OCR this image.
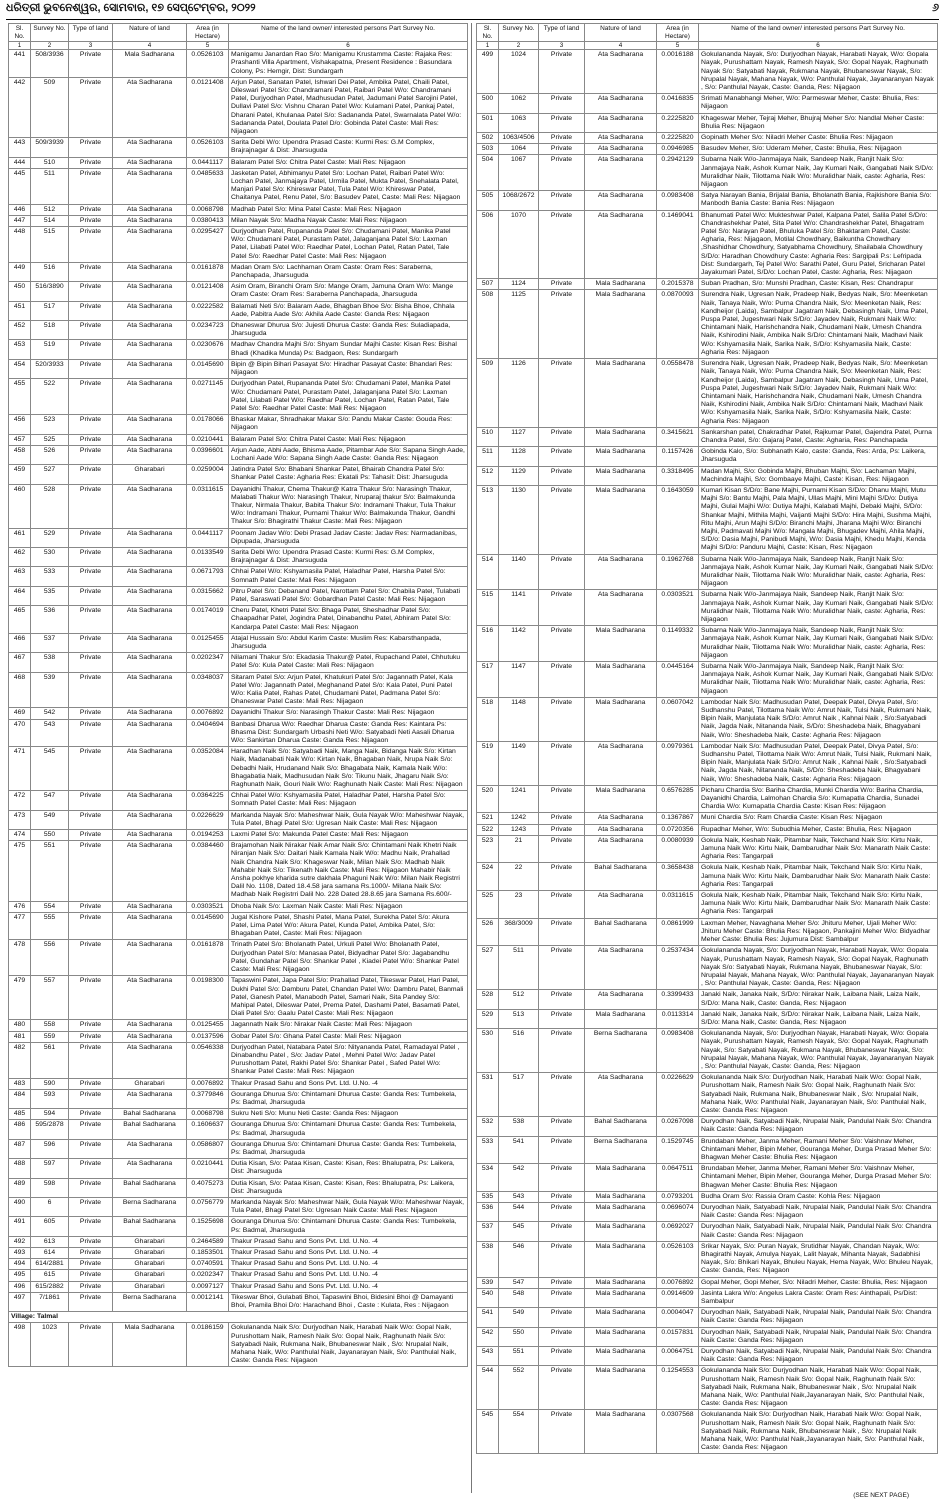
ଧରିତ୍ରୀ ଭୁବନେଶ୍ୱର, ସୋମବାର, ୧୭ ସେପ୍ଟେମ୍ବର, ୨୦୨୨	୬
Sl. No.	Survey No.	Type of land	Nature of land	Area (in Hectare)	Name of the land owner/ interested persons Part Survey No.
1	2	3	4	5	6
441	508/3936	Private	Mala Sadharana	0.0526103	Manigamu Janardan Rao S/o: Manigamu Krustamma Caste: Rajaka Res: Prashanti Villa Apartment, Vishakapatna, Present Residence : Basundara Colony, Ps: Hemgir, Dist: Sundargarh
442	509	Private	Ata Sadharana	0.0121408	Arjun Patel, Sanatan Patel, Ishwari Dei Patel, Ambika Patel, Chaili Patel, Dileswari Patel S/o: Chandramani Patel, Raibari Patel W/o: Chandramani Patel, Durjyodhan Patel, Madhusudan Patel, Jadumani Patel Sarojini Patel, Dullavi Patel S/o: Vishnu Charan Patel W/o: Kulamani Patel, Pankaj Patel, Dharani Patel, Khulanaa Patel S/o: Sadananda Patel, Swarnalata Patel W/o: Sadananda Patel, Doulata Patel D/o: Gobinda Patel Caste: Mali Res: Nijagaon
443	509/3939	Private	Ata Sadharana	0.0526103	Sarita Debi W/o: Upendra Prasad Caste: Kurmi Res: G.M Complex, Brajrajnagar & Dist: Jharsuguda
444	510	Private	Ata Sadharana	0.0441117	Balaram Patel S/o: Chitra Patel Caste: Mali Res: Nijagaon
445	511	Private	Ata Sadharana	0.0485633	Jasketan Patel, Abhimanyu Patel S/o: Lochan Patel, Raibari Patel W/o: Lochan Patel, Janmajaya Patel, Urmila Patel, Mukta Patel, Snehalata Patel, Manjari Patel S/o: Khireswar Patel, Tula Patel W/o: Khireswar Patel, Chaitanya Patel, Renu Patel, S/o: Basudev Patel, Caste: Mali Res: Nijagaon
446	512	Private	Ata Sadharana	0.0068798	Madhab Patel S/o: Mina Patel Caste: Mali Res: Nijagaon
447	514	Private	Ata Sadharana	0.0380413	Milan Nayak S/o: Madha Nayak Caste: Mali Res: Nijagaon
448	515	Private	Ata Sadharana	0.0295427	Durjyodhan Patel, Rupananda Patel S/o: Chudamani Patel, Manika Patel W/o: Chudamani Patel, Purastam Patel, Jalaganjana Patel S/o: Laxman Patel, Lilabati Patel W/o: Raedhar Patel, Lochan Patel, Ratan Patel, Tale Patel S/o: Raedhar Patel Caste: Mali Res: Nijagaon
449	516	Private	Ata Sadharana	0.0161878	Madan Oram S/o: Lachhaman Oram Caste: Oram Res: Saraberna, Panchapada, Jharsuguda
450	516/3890	Private	Ata Sadharana	0.0121408	Asim Oram, Biranchi Oram S/o: Mange Oram, Jamuna Oram W/o: Mange Oram Caste: Oram Res: Saraberna Panchapada, Jharsuguda
451	517	Private	Ata Sadharana	0.0222582	Balamati Neti S/o: Balaram Aade, Bhagban Bhoe S/o: Bisha Bhoe, Chhala Aade, Pabitra Aade S/o: Akhila Aade Caste: Ganda Res: Nijagaon
452	518	Private	Ata Sadharana	0.0234723	Dhaneswar Dhurua S/o: Jujesti Dhurua Caste: Ganda Res: Suladiapada, Jharsuguda
453	519	Private	Ata Sadharana	0.0230676	Madhav Chandra Majhi S/o: Shyam Sundar Majhi Caste: Kisan Res: Bishal Bhadi (Khadika Munda) Ps: Badgaon, Res: Sundargarh
454	520/3933	Private	Ata Sadharana	0.0145690	Bipin @ Bipin Bihari Pasayat S/o: Hiradhar Pasayat Caste: Bhandari Res: Nijagaon
455	522	Private	Ata Sadharana	0.0271145	Durjyodhan Patel, Rupananda Patel S/o: Chudamani Patel, Manika Patel W/o: Chudamani Patel, Purastam Patel, Jalaganjana Patel S/o: Laxman Patel, Lilabati Patel W/o: Raedhar Patel, Lochan Patel, Ratan Patel, Tale Patel S/o: Raedhar Patel Caste: Mali Res: Nijagaon
456	523	Private	Ata Sadharana	0.0178066	Bhaskar Makar, Shradhakar Makar S/o: Pandu Makar Caste: Gouda Res: Nijagaon
457	525	Private	Ata Sadharana	0.0210441	Balaram Patel S/o: Chitra Patel Caste: Mali Res: Nijagaon
458	526	Private	Ata Sadharana	0.0396601	Arjun Aade, Abhi Aade, Bhisma Aade, Pitambar Ade S/o: Sapana Singh Aade, Lochani Aade W/o: Sapana Singh Aade Caste: Ganda Res: Nijagaon
459	527	Private	Gharabari	0.0259004	Jatindra Patel S/o: Bhabani Shankar Patel, Bhairab Chandra Patel S/o: Shankar Patel Caste: Agharia Res: Ekatali Ps: Tahasil: Dist: Jharsuguda
460	528	Private	Ata Sadharana	0.0311615	Dayanidhi Thakur, Chema Thakur@ Katra Thakur S/o: Narasingh Thakur, Malabati Thakur W/o: Narasingh Thakur, Nruparaj thakur S/o: Balmakunda Thakur, Nirmala Thakur, Babita Thakur S/o: Indramani Thakur, Tula Thakur W/o: Indramani Thakur, Purnami Thakur W/o: Balmakunda Thakur, Gandhi Thakur S/o: Bhagirathi Thakur Caste: Mali Res: Nijagaon
461	529	Private	Ata Sadharana	0.0441117	Poonam Jadav W/o: Debi Prasad Jadav Caste: Jadav Res: Narmadanibas, Dipupada, Jharsuguda
462	530	Private	Ata Sadharana	0.0133549	Sarita Debi W/o: Upendra Prasad Caste: Kurmi Res: G.M Complex, Brajrajnagar & Dist: Jharsuguda
463	533	Private	Ata Sadharana	0.0671793	Chhai Patel W/o: Kshyamasila Patel, Haladhar Patel, Harsha Patel S/o: Somnath Patel Caste: Mali Res: Nijagaon
464	535	Private	Ata Sadharana	0.0315662	Pitru Patel S/o: Debanand Patel, Narottam Patel S/o: Chabila Patel, Tulabati Patel, Saraswati Patel S/o: Gobardhan Patel Caste: Mali Res: Nijagaon
465	536	Private	Ata Sadharana	0.0174019	Cheru Patel, Khetri Patel S/o: Bhaga Patel, Sheshadhar Patel S/o: Chaapadhar Patel, Jogindra Patel, Dinabandhu Patel, Abhiram Patel S/o: Kandarpa Patel Caste: Mali Res: Nijagaon
466	537	Private	Ata Sadharana	0.0125455	Atajal Hussain S/o: Abdul Karim Caste: Muslim Res: Kabarsthanpada, Jharsuguda
467	538	Private	Ata Sadharana	0.0202347	Nilamani Thakur S/o: Ekadasia Thakur@ Patel, Rupachand Patel, Chhutuku Patel S/o: Kula Patel Caste: Mali Res: Nijagaon
468	539	Private	Ata Sadharana	0.0348037	Sitaram Patel S/o: Arjun Patel, Khatukuri Patel S/o: Jagannath Patel, Kala Patel W/o: Jagannath Patel, Meghanand Patel S/o: Kala Patel, Puni Patel W/o: Kalia Patel, Rahas Patel, Chudamani Patel, Padmana Patel S/o: Dhaneswar Patel Caste: Mali Res: Nijagaon
469	542	Private	Ata Sadharana	0.0076892	Dayanidhi Thakur S/o: Narasingh Thakur Caste: Mali Res: Nijagaon
470	543	Private	Ata Sadharana	0.0404694	Banbasi Dharua W/o: Raedhar Dharua Caste: Ganda Res: Kaintara Ps: Bhasma Dist: Sundargarh Urbashi Neti W/o: Satyabadi Neti Aasali Dharua W/o: Sankirtan Dharua Caste: Ganda Res: Nijagaon
471	545	Private	Ata Sadharana	0.0352084	Haradhan Naik S/o: Satyabadi Naik, Manga Naik, Bidanga Naik S/o: Kirtan Naik, Madanabati Naik W/o: Kirtan Naik, Bhagaban Naik, Nrupa Naik S/o: Debadhi Naik, Hrudanand Naik S/o: Bhagabata Naik, Kamala Naik W/o: Bhagabatia Naik, Madhusudan Naik S/o: Tikunu Naik, Jhagaru Naik S/o: Raghunath Naik, Gouri Naik W/o: Raghunath Naik Caste: Mali Res: Nijagaon
472	547	Private	Ata Sadharana	0.0364225	Chhai Patel W/o: Kshyamasila Patel, Haladhar Patel, Harsha Patel S/o: Somnath Patel Caste: Mali Res: Nijagaon
473	549	Private	Ata Sadharana	0.0226629	Markanda Nayak S/o: Maheshwar Naik, Gula Nayak W/o: Maheshwar Nayak, Tula Patel, Bhagi Patel S/o: Ugresan Naik Caste: Mali Res: Nijagaon
474	550	Private	Ata Sadharana	0.0194253	Laxmi Patel S/o: Makunda Patel Caste: Mali Res: Nijagaon
475	551	Private	Ata Sadharana	0.0384460	Brajamohan Naik Nirakar Naik Amar Naik S/o: Chintamani Naik Khetri Naik Niranjan Naik S/o: Daitari Naik Kamala Naik W/o: Madhu Naik, Prahallad Naik Chandra Naik S/o: Khageswar Naik, Milan Naik S/o: Madhab Naik Mahabir Naik S/o: Tikenath Naik Caste: Mali Res: Nijagaon Mahabir Naik Ansha pokhye kharida sutre dakhala Phaguni Naik W/o: Milan Naik Registrri Dalil No. 1108, Dated 18.4.58 jara samana Rs.1000/- Milana Naik S/o: Madhab Naik Registrri Dalil No. 228 Dated 28.8.65 jara Samana Rs.600/-
476	554	Private	Ata Sadharana	0.0303521	Dhoba Naik S/o: Laxman Naik Caste: Mali Res: Nijagaon
477	555	Private	Ata Sadharana	0.0145690	Jugal Kishore Patel, Shashi Patel, Mana Patel, Surekha Patel S/o: Akura Patel, Lima Patel W/o: Akura Patel, Kunda Patel, Ambika Patel, S/o: Bhagaban Patel, Caste: Mali Res: Nijagaon
478	556	Private	Ata Sadharana	0.0161878	Trinath Patel S/o: Bholanath Patel, Urkuli Patel W/o: Bholanath Patel, Durjyodhan Patel S/o: Manasaa Patel, Bidyadhar Patel S/o: Jagabandhu Patel, Gundahar Patel S/o: Shankar Patel , Kiadei Patel W/o: Shankar Patel Caste: Mali Res: Nijagaon
479	557	Private	Ata Sadharana	0.0198300	Tapaswini Patel, Japa Patel S/o: Prahallad Patel, Tikeswar Patel, Hari Patel, Dukhi Patel S/o: Damburu Patel, Chandan Patel W/o: Dambru Patel, Banmali Patel, Ganesh Patel, Manabodh Patel, Samari Naik, Sita Pandey S/o: Mahipal Patel, Dileswar Patel, Prema Patel, Dashami Patel, Basamati Patel, Diali Patel S/o: Gaalu Patel Caste: Mali Res: Nijagaon
480	558	Private	Ata Sadharana	0.0125455	Jagannath Naik S/o: Nirakar Naik Caste: Mali Res: Nijagaon
481	559	Private	Ata Sadharana	0.0137596	Gobar Patel S/o: Ghana Patel Caste: Mali Res: Nijagaon
482	561	Private	Ata Sadharana	0.0546338	Durjyodhan Patel, Natabara Patel S/o: Nityananda Patel, Ramadayal Patel , Dinabandhu Patel , S/o: Jadav Patel , Mehni Patel W/o: Jadav Patel Purushottam Patel, Rakhi Patel S/o: Shankar Patel , Safed Patel W/o: Shankar Patel Caste: Mali Res: Nijagaon
483	590	Private	Gharabari	0.0076892	Thakur Prasad Sahu and Sons Pvt. Ltd. U.No. -4
484	593	Private	Ata Sadharana	0.3779846	Gouranga Dhurua S/o: Chintamani Dhurua Caste: Ganda Res: Tumbekela, Ps: Badmal, Jharsuguda
485	594	Private	Bahal Sadharana	0.0068798	Sukru Neti S/o: Munu Neti Caste: Ganda Res: Nijagaon
486	595/2878	Private	Bahal Sadharana	0.1606637	Gouranga Dhurua S/o: Chintamani Dhurua Caste: Ganda Res: Tumbekela, Ps: Badmal, Jharsuguda
487	596	Private	Ata Sadharana	0.0586807	Gouranga Dhurua S/o: Chintamani Dhurua Caste: Ganda Res: Tumbekela, Ps: Badmal, Jharsuguda
488	597	Private	Ata Sadharana	0.0210441	Dutia Kisan, S/o: Pataa Kisan, Caste: Kisan, Res: Bhalupatra, Ps: Laikera, Dist: Jharsuguda
489	598	Private	Bahal Sadharana	0.4075273	Dutia Kisan, S/o: Pataa Kisan, Caste: Kisan, Res: Bhalupatra, Ps: Laikera, Dist: Jharsuguda
490	6	Private	Berna Sadharana	0.0756779	Markanda Nayak S/o: Maheshwar Naik, Gula Nayak W/o: Maheshwar Nayak, Tula Patel, Bhagi Patel S/o: Ugresan Naik Caste: Mali Res: Nijagaon
491	605	Private	Bahal Sadharana	0.1525698	Gouranga Dhurua S/o: Chintamani Dhurua Caste: Ganda Res: Tumbekela, Ps: Badmal, Jharsuguda
492	613	Private	Gharabari	0.2464589	Thakur Prasad Sahu and Sons Pvt. Ltd. U.No. -4
493	614	Private	Gharabari	0.1853501	Thakur Prasad Sahu and Sons Pvt. Ltd. U.No. -4
494	614/2881	Private	Gharabari	0.0740591	Thakur Prasad Sahu and Sons Pvt. Ltd. U.No. -4
495	615	Private	Gharabari	0.0202347	Thakur Prasad Sahu and Sons Pvt. Ltd. U.No. -4
496	615/2882	Private	Gharabari	0.0097127	Thakur Prasad Sahu and Sons Pvt. Ltd. U.No. -4
497	7/1861	Private	Berna Sadharana	0.0012141	Tikeswar Bhoi, Gulabati Bhoi, Tapaswini Bhoi, Bidesini Bhoi @ Damayanti Bhoi, Pramila Bhoi D/o: Harachand Bhoi , Caste : Kulata, Res : Nijagaon
Village: Talmal					
498	1023	Private	Mala Sadharana	0.0186159	Gokulananda Naik S/o: Durjyodhan Naik, Harabati Naik W/o: Gopal Naik, Purushottam Naik, Ramesh Naik S/o: Gopal Naik, Raghunath Naik S/o: Satyabadi Naik, Rukmana Naik, Bhubaneswar Naik , S/o: Nrupalal Naik, Mahana Naik, W/o: Panthulal Naik, Jayanarayan Naik, S/o: Panthulal Naik, Caste: Ganda Res: Nijagaon
Sl. No.	Survey No.	Type of land	Nature of land	Area (in Hectare)	Name of the land owner/ interested persons Part Survey No.
1	2	3	4	5	6
499	1024	Private	Ata Sadharana	0.0016188	Gokulananda Nayak, S/o: Durjyodhan Nayak, Harabati Nayak, W/o: Gopala Nayak, Purushattam Nayak, Ramesh Nayak, S/o: Gopal Nayak, Raghunath Nayak S/o: Satyabati Nayak, Rukmana Nayak, Bhubaneswar Nayak, S/o: Nrupalal Nayak, Mahana Nayak, W/o: Panthulal Nayak, Jayanaranyan Nayak , S/o: Panthulal Nayak, Caste: Ganda, Res: Nijagaon
500	1062	Private	Ata Sadharana	0.0416835	Srimati Manabhangi Meher, W/o: Parmeswar Meher, Caste: Bhulia, Res: Nijagaon
501	1063	Private	Ata Sadharana	0.2225820	Khageswar Meher, Tejraj Meher, Bhujraj Meher S/o: Nandlal Meher Caste: Bhulia Res: Nijagaon
502	1063/4506	Private	Ata Sadharana	0.2225820	Gopinath Meher S/o: Niladri Meher Caste: Bhulia Res: Nijagaon
503	1064	Private	Ata Sadharana	0.0946985	Basudev Meher, S/o: Uderam Meher, Caste: Bhulia, Res: Nijagaon
504	1067	Private	Ata Sadharana	0.2942129	Subarna Naik W/o-Janmajaya Naik, Sandeep Naik, Ranjit Naik S/o: Janmajaya Naik, Ashok Kumar Naik, Jay Kumari Naik, Gangabati Naik S/D/o: Muralidhar Naik, Tilottama Naik W/o: Muralidhar Naik, caste: Agharia, Res: Nijagaon
505	1068/2672	Private	Ata Sadharana	0.0983408	Satya Narayan Bania, Brijalal Bania, Bholanath Bania, Rajkishore Bania S/o: Manbodh Bania Caste: Bania Res: Nijagaon
506	1070	Private	Ata Sadharana	0.1469041	Bhanumati Patel W/o: Mukteshwar Patel, Kalpana Patel, Salila Patel S/D/o: Chandrashekhar Patel, Sita Patel W/o: Chandrashekhar Patel, Bhagatram Patel S/o: Narayan Patel, Bhuluka Patel S/o: Bhaktaram Patel, Caste: Agharia, Res: Nijagaon, Motilal Chowdhary, Baikuntha Chowdhary ,Shashidhar Chowdhury, Satyabhama Chowdhury, Shailabala Chowdhury S/D/o: Haradhan Chowdhury Caste: Agharia Res: Sargipali P.s: Lefripada Dist: Sundargarh, Tej Patel W/o: Sarathi Patel, Guru Patel, Sricharan Patel Jayakumari Patel, S/D/o: Lochan Patel, Caste: Agharia, Res: Nijagaon
507	1124	Private	Mala Sadharana	0.2015378	Suban Pradhan, S/o: Munshi Pradhan, Caste: Kisan, Res: Chandrapur
508	1125	Private	Mala Sadharana	0.0870093	Surendra Naik, Ugresan Naik, Pradeep Naik, Bedyas Naik, S/o: Meenketan Naik, Tanaya Naik, W/o: Purna Chandra Naik, S/o: Meenketan Naik, Res: Kandheijor (Laida), Sambalpur Jagatram Naik, Debasingh Naik, Uma Patel, Puspa Patel, Jugeshwari Naik S/D/o: Jayadev Naik, Rukmani Naik W/o: Chintamani Naik, Harishchandra Naik, Chudamani Naik, Umesh Chandra Naik, Kshirodini Naik, Ambika Naik S/D/o: Chintamani Naik, Madhavi Naik W/o: Kshyamasila Naik, Sarika Naik, S/D/o: Kshyamasila Naik, Caste: Agharia Res: Nijagaon
509	1126	Private	Mala Sadharana	0.0558478	Surendra Naik, Ugresan Naik, Pradeep Naik, Bedyas Naik, S/o: Meenketan Naik, Tanaya Naik, W/o: Purna Chandra Naik, S/o: Meenketan Naik, Res: Kandheijor (Laida), Sambalpur Jagatram Naik, Debasingh Naik, Uma Patel, Puspa Patel, Jugeshwari Naik S/D/o: Jayadev Naik, Rukmani Naik W/o: Chintamani Naik, Harishchandra Naik, Chudamani Naik, Umesh Chandra Naik, Kshirodini Naik, Ambika Naik S/D/o: Chintamani Naik, Madhavi Naik W/o: Kshyamasila Naik, Sarika Naik, S/D/o: Kshyamasila Naik, Caste: Agharia Res: Nijagaon
510	1127	Private	Mala Sadharana	0.3415621	Sankarshan patel, Chakradhar Patel, Rajkumar Patel, Gajendra Patel, Purna Chandra Patel, S/o: Gajaraj Patel, Caste: Agharia, Res: Panchapada
511	1128	Private	Mala Sadharana	0.1157426	Gobinda Kalo, S/o: Subhanath Kalo, caste: Ganda, Res: Arda, Ps: Laikera, Jharsuguda
512	1129	Private	Mala Sadharana	0.3318495	Madan Majhi, S/o: Gobinda Majhi, Bhuban Majhi, S/o: Lachaman Majhi, Machindra Majhi, S/o: Gombaaye Majhi, Caste: Kisan, Res: Nijagaon
513	1130	Private	Mala Sadharana	0.1643059	Kumari Kisan S/D/o: Bane Majhi, Purnami Kisan S/D/o: Dhanu Majhi, Mutu Majhi S/o: Bantu Majhi, Pala Majhi, Ullas Majhi, Mini Majhi S/D/o: Dutiya Majhi, Gulai Majhi W/o: Dutiya Majhi, Kalabati Majhi, Debaki Majhi, S/D/o: Shankar Majhi, Mithila Majhi, Vaijanti Majhi S/D/o: Hira Majhi, Sushma Majhi, Ritu Majhi, Arun Majhi S/D/o: Biranchi Majhi, Jharana Majhi W/o: Biranchi Majhi, Padmavati Majhi W/o: Mangala Majhi, Bhugadev Majhi, Ahila Majhi, S/D/o: Dasia Majhi, Panibudi Majhi, W/o: Dasia Majhi, Khedu Majhi, Kenda Majhi S/D/o: Panduru Majhi, Caste: Kisan, Res: Nijagaon
514	1140	Private	Ata Sadharana	0.1962768	Subarna Naik W/o-Janmajaya Naik, Sandeep Naik, Ranjit Naik S/o: Janmajaya Naik, Ashok Kumar Naik, Jay Kumari Naik, Gangabati Naik S/D/o: Muralidhar Naik, Tilottama Naik W/o: Muralidhar Naik, caste: Agharia, Res: Nijagaon
515	1141	Private	Ata Sadharana	0.0303521	Subarna Naik W/o-Janmajaya Naik, Sandeep Naik, Ranjit Naik S/o: Janmajaya Naik, Ashok Kumar Naik, Jay Kumari Naik, Gangabati Naik S/D/o: Muralidhar Naik, Tilottama Naik W/o: Muralidhar Naik, caste: Agharia, Res: Nijagaon
516	1142	Private	Mala Sadharana	0.1149332	Subarna Naik W/o-Janmajaya Naik, Sandeep Naik, Ranjit Naik S/o: Janmajaya Naik, Ashok Kumar Naik, Jay Kumari Naik, Gangabati Naik S/D/o: Muralidhar Naik, Tilottama Naik W/o: Muralidhar Naik, caste: Agharia, Res: Nijagaon
517	1147	Private	Mala Sadharana	0.0445164	Subarna Naik W/o-Janmajaya Naik, Sandeep Naik, Ranjit Naik S/o: Janmajaya Naik, Ashok Kumar Naik, Jay Kumari Naik, Gangabati Naik S/D/o: Muralidhar Naik, Tilottama Naik W/o: Muralidhar Naik, caste: Agharia, Res: Nijagaon
518	1148	Private	Mala Sadharana	0.0607042	Lambodar Naik S/o: Madhusudan Patel, Deepak Patel, Divya Patel, S/o: Sudhanshu Patel, Tilottama Naik W/o: Amrut Naik, Tulsi Naik, Rukmani Naik, Bipin Naik, Manjulata Naik S/D/o: Amrut Naik , Kahnai Naik , S/o:Satyabadi Naik, Jagda Naik, Nitananda Naik, S/D/o: Sheshadeba Naik, Bhagyabani Naik, W/o: Sheshadeba Naik, Caste: Agharia Res: Nijagaon
519	1149	Private	Ata Sadharana	0.0979361	Lambodar Naik S/o: Madhusudan Patel, Deepak Patel, Divya Patel, S/o: Sudhanshu Patel, Tilottama Naik W/o: Amrut Naik, Tulsi Naik, Rukmani Naik, Bipin Naik, Manjulata Naik S/D/o: Amrut Naik , Kahnai Naik , S/o:Satyabadi Naik, Jagda Naik, Nitananda Naik, S/D/o: Sheshadeba Naik, Bhagyabani Naik, W/o: Sheshadeba Naik, Caste: Agharia Res: Nijagaon
520	1241	Private	Mala Sadharana	0.6576285	Picharu Chardia S/o: Bariha Chardia, Munki Chardia W/o: Bariha Chardia, Dayanidhi Chardia, Lalmohan Chardia S/o: Kumapatla Chardia, Sunadei Chardia W/o: Kumapatla Chardia Caste: Kisan Res: Nijagaon
521	1242	Private	Ata Sadharana	0.1367867	Muni Chardia S/o: Ram Chardia Caste: Kisan Res: Nijagaon
522	1243	Private	Ata Sadharana	0.0720356	Rupadhar Meher, W/o: Subudhia Meher, Caste: Bhulia, Res: Nijagaon
523	21	Private	Ata Sadharana	0.0080939	Gokula Naik, Keshab Naik, Pitambar Naik, Tekchand Naik S/o: Kirtu Naik, Jamuna Naik W/o: Kirtu Naik, Dambarudhar Naik S/o: Manarath Naik Caste: Agharia Res: Tangarpali
524	22	Private	Bahal Sadharana	0.3658438	Gokula Naik, Keshab Naik, Pitambar Naik, Tekchand Naik S/o: Kirtu Naik, Jamuna Naik W/o: Kirtu Naik, Dambarudhar Naik S/o: Manarath Naik Caste: Agharia Res: Tangarpali
525	23	Private	Ata Sadharana	0.0311615	Gokula Naik, Keshab Naik, Pitambar Naik, Tekchand Naik S/o: Kirtu Naik, Jamuna Naik W/o: Kirtu Naik, Dambarudhar Naik S/o: Manarath Naik Caste: Agharia Res: Tangarpali
526	368/3009	Private	Bahal Sadharana	0.0861999	Laxman Meher, Navaghana Meher S/o: Jhituru Meher, Ujali Meher W/o: Jhituru Meher Caste: Bhulia Res: Nijagaon, Pankajini Meher W/o: Bidyadhar Meher Caste: Bhulia Res: Jujumura Dist: Sambalpur
527	511	Private	Ata Sadharana	0.2537434	Gokulananda Nayak, S/o: Durjyodhan Nayak, Harabati Nayak, W/o: Gopala Nayak, Purushattam Nayak, Ramesh Nayak, S/o: Gopal Nayak, Raghunath Nayak S/o: Satyabati Nayak, Rukmana Nayak, Bhubaneswar Nayak, S/o: Nrupalal Nayak, Mahana Nayak, W/o: Panthulal Nayak, Jayanaranyan Nayak , S/o: Panthulal Nayak, Caste: Ganda, Res: Nijagaon
528	512	Private	Ata Sadharana	0.3399433	Janaki Naik, Janaka Naik, S/D/o: Nirakar Naik, Laibana Naik, Laiza Naik, S/D/o: Mana Naik, Caste: Ganda, Res: Nijagaon
529	513	Private	Mala Sadharana	0.0113314	Janaki Naik, Janaka Naik, S/D/o: Nirakar Naik, Laibana Naik, Laiza Naik, S/D/o: Mana Naik, Caste: Ganda, Res: Nijagaon
530	516	Private	Berna Sadharana	0.0983408	Gokulananda Nayak, S/o: Durjyodhan Nayak, Harabati Nayak, W/o: Gopala Nayak, Purushattam Nayak, Ramesh Nayak, S/o: Gopal Nayak, Raghunath Nayak, S/o: Satyabati Nayak, Rukmana Nayak, Bhubaneswar Nayak, S/o: Nrupalal Nayak, Mahana Nayak, W/o: Panthulal Nayak, Jayanaranyan Nayak , S/o: Panthulal Nayak, Caste: Ganda, Res: Nijagaon
531	517	Private	Ata Sadharana	0.0226629	Gokulananda Naik S/o: Durjyodhan Naik, Harabati Naik W/o: Gopal Naik, Purushottam Naik, Ramesh Naik S/o: Gopal Naik, Raghunath Naik S/o: Satyabadi Naik, Rukmana Naik, Bhubaneswar Naik , S/o: Nrupalal Naik, Mahana Naik, W/o: Panthulal Naik, Jayanarayan Naik, S/o: Panthulal Naik, Caste: Ganda Res: Nijagaon
532	538	Private	Bahal Sadharana	0.0267098	Duryodhan Naik, Satyabadi Naik, Nrupalal Naik, Pandulal Naik S/o: Chandra Naik Caste: Ganda Res: Nijagaon
533	541	Private	Berna Sadharana	0.1529745	Brundaban Meher, Janma Meher, Ramani Meher S/o: Vaishnav Meher, Chintamani Meher, Bipin Meher, Gouranga Meher, Durga Prasad Meher S/o: Bhagwan Meher Caste: Bhulia Res: Nijagaon
534	542	Private	Mala Sadharana	0.0647511	Brundaban Meher, Janma Meher, Ramani Meher S/o: Vaishnav Meher, Chintamani Meher, Bipin Meher, Gouranga Meher, Durga Prasad Meher S/o: Bhagwan Meher Caste: Bhulia Res: Nijagaon
535	543	Private	Mala Sadharana	0.0793201	Budha Oram S/o: Rassia Oram Caste: Kohla Res: Nijagaon
536	544	Private	Mala Sadharana	0.0696074	Duryodhan Naik, Satyabadi Naik, Nrupalal Naik, Pandulal Naik S/o: Chandra Naik Caste: Ganda Res: Nijagaon
537	545	Private	Mala Sadharana	0.0692027	Duryodhan Naik, Satyabadi Naik, Nrupalal Naik, Pandulal Naik S/o: Chandra Naik Caste: Ganda Res: Nijagaon
538	546	Private	Mala Sadharana	0.0526103	Srikar Nayak, S/o: Puran Nayak, Srutidhar Nayak, Chandan Nayak, W/o: Bhagirathi Nayak, Amulya Nayak, Lalit Nayak, Mihanta Nayak, Sadabhisi Nayak, S/o: Bhikari Nayak, Bhuleu Nayak, Hema Nayak, W/o: Bhuleu Nayak, Caste: Ganda, Res: Nijagaon
539	547	Private	Mala Sadharana	0.0076892	Gopal Meher, Gopi Meher, S/o: Niladri Meher, Caste: Bhulia, Res: Nijagaon
540	548	Private	Mala Sadharana	0.0914609	Jasinta Lakra W/o: Angelus Lakra Caste: Oram Res: Ainthapali, Ps/Dist: Sambalpur
541	549	Private	Mala Sadharana	0.0004047	Duryodhan Naik, Satyabadi Naik, Nrupalal Naik, Pandulal Naik S/o: Chandra Naik Caste: Ganda Res: Nijagaon
542	550	Private	Mala Sadharana	0.0157831	Duryodhan Naik, Satyabadi Naik, Nrupalal Naik, Pandulal Naik S/o: Chandra Naik Caste: Ganda Res: Nijagaon
543	551	Private	Mala Sadharana	0.0064751	Duryodhan Naik, Satyabadi Naik, Nrupalal Naik, Pandulal Naik S/o: Chandra Naik Caste: Ganda Res: Nijagaon
544	552	Private	Mala Sadharana	0.1254553	Gokulananda Naik S/o: Durjyodhan Naik, Harabati Naik W/o: Gopal Naik, Purushottam Naik, Ramesh Naik S/o: Gopal Naik, Raghunath Naik S/o: Satyabadi Naik, Rukmana Naik, Bhubaneswar Naik , S/o: Nrupalal Naik Mahana Naik, W/o: Panthulal Naik,Jayanarayan Naik, S/o: Panthulal Naik, Caste: Ganda Res: Nijagaon
545	554	Private	Mala Sadharana	0.0307568	Gokulananda Naik S/o: Durjyodhan Naik, Harabati Naik W/o: Gopal Naik, Purushottam Naik, Ramesh Naik S/o: Gopal Naik, Raghunath Naik S/o: Satyabadi Naik, Rukmana Naik, Bhubaneswar Naik , S/o: Nrupalal Naik Mahana Naik, W/o: Panthulal Naik,Jayanarayan Naik, S/o: Panthulal Naik, Caste: Ganda Res: Nijagaon
(SEE NEXT PAGE)
